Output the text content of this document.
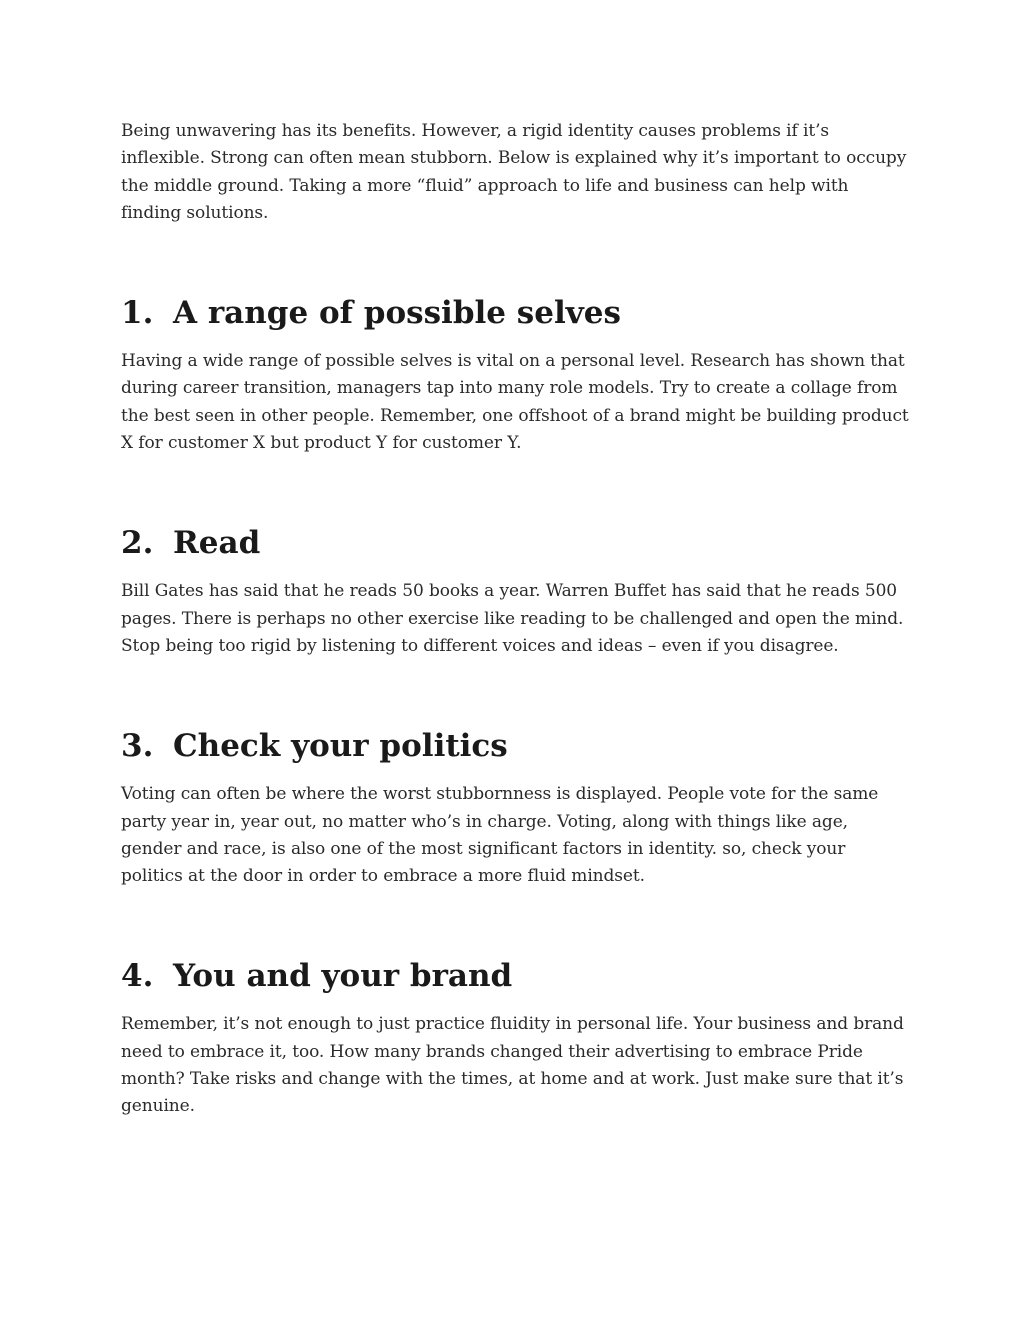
Being unwavering has its benefits. However, a rigid identity causes problems if it’s inflexible. Strong can often mean stubborn. Below is explained why it’s important to occupy the middle ground. Taking a more “fluid” approach to life and business can help with finding solutions.

1. A range of possible selves

Having a wide range of possible selves is vital on a personal level. Research has shown that during career transition, managers tap into many role models. Try to create a collage from the best seen in other people. Remember, one offshoot of a brand might be building product X for customer X but product Y for customer Y.

2. Read

Bill Gates has said that he reads 50 books a year. Warren Buffet has said that he reads 500 pages. There is perhaps no other exercise like reading to be challenged and open the mind. Stop being too rigid by listening to different voices and ideas – even if you disagree.

3. Check your politics

Voting can often be where the worst stubbornness is displayed. People vote for the same party year in, year out, no matter who’s in charge. Voting, along with things like age, gender and race, is also one of the most significant factors in identity. so, check your politics at the door in order to embrace a more fluid mindset.

4. You and your brand

Remember, it’s not enough to just practice fluidity in personal life. Your business and brand need to embrace it, too. How many brands changed their advertising to embrace Pride month? Take risks and change with the times, at home and at work. Just make sure that it’s genuine.
